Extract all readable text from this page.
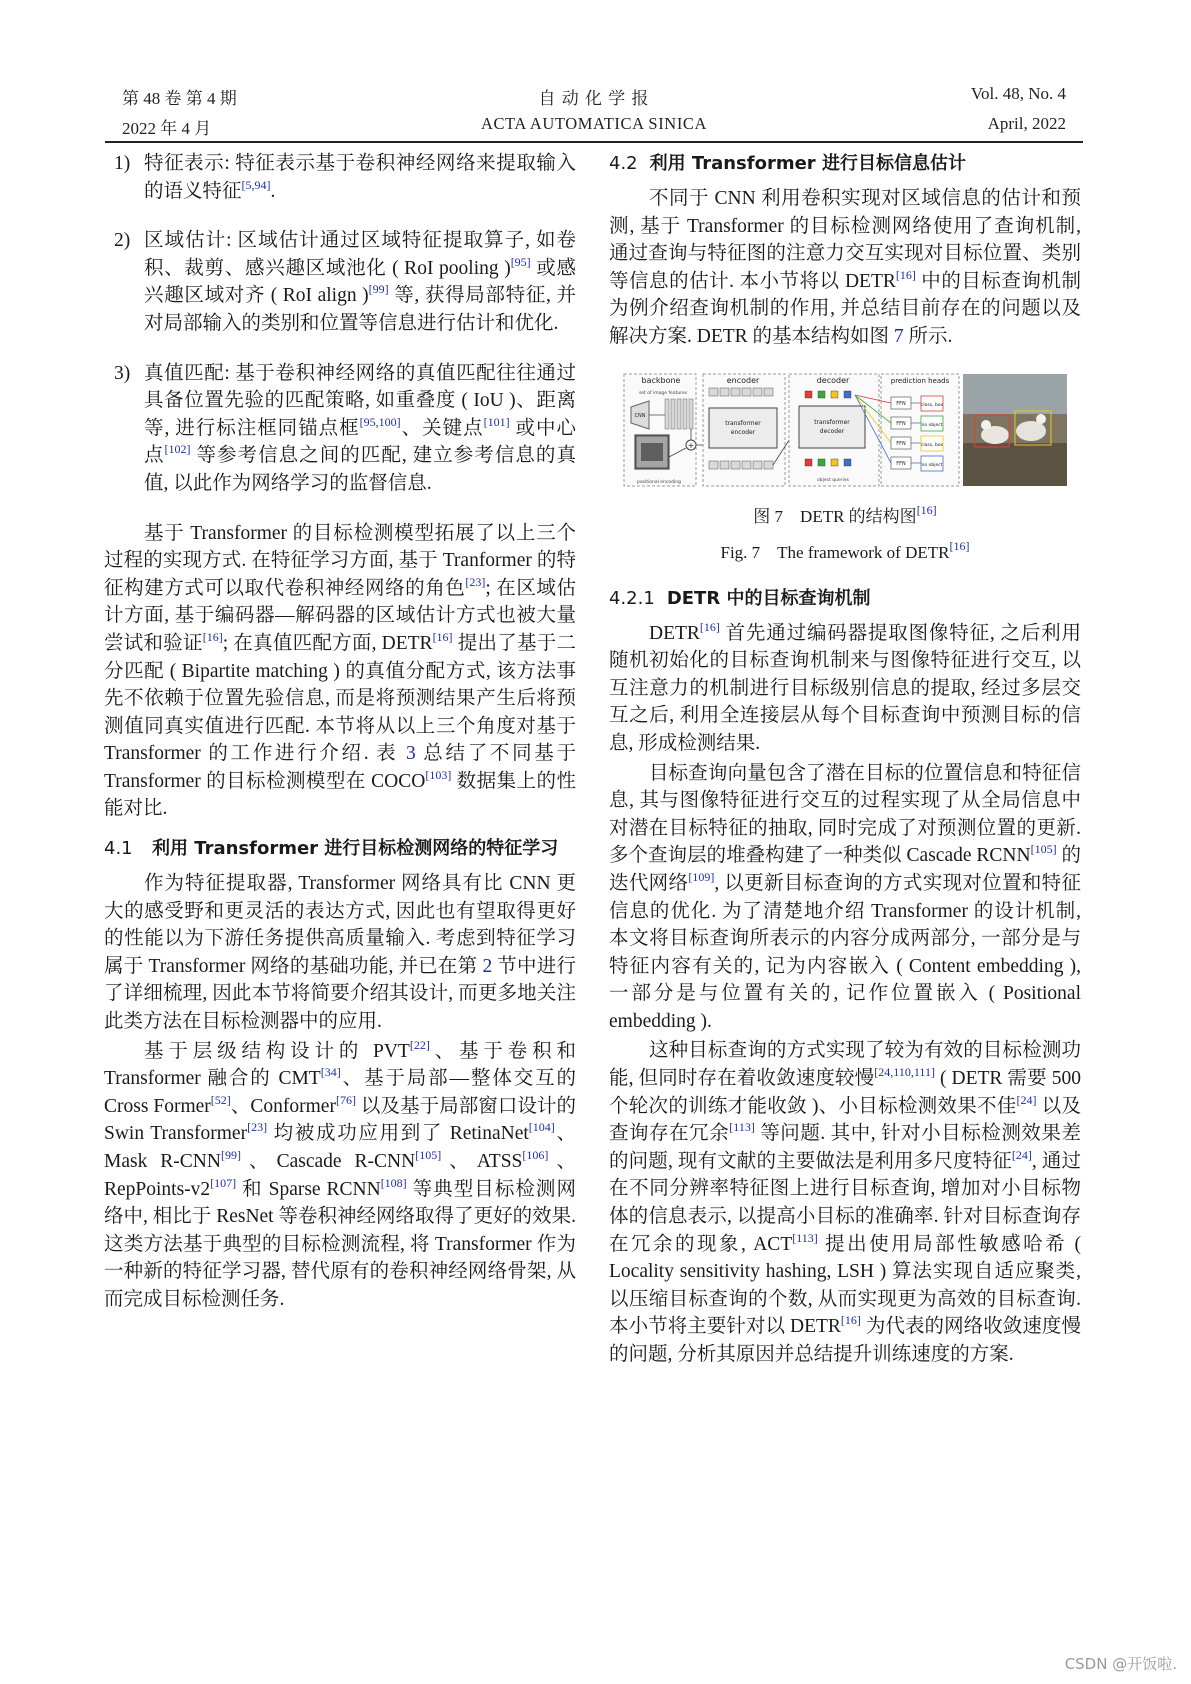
第 48 卷 第 4 期	自 动 化 学 报	Vol. 48, No. 4
2022 年 4 月	ACTA AUTOMATICA SINICA	April, 2022
1) 特征表示: 特征表示基于卷积神经网络来提取输入的语义特征[5,94].
2) 区域估计: 区域估计通过区域特征提取算子, 如卷积、裁剪、感兴趣区域池化 ( RoI pooling )[95] 或感兴趣区域对齐 ( RoI align )[99] 等, 获得局部特征, 并对局部输入的类别和位置等信息进行估计和优化.
3) 真值匹配: 基于卷积神经网络的真值匹配往往通过具备位置先验的匹配策略, 如重叠度 ( IoU )、距离等, 进行标注框同锚点框[95,100]、关键点[101] 或中心点[102] 等参考信息之间的匹配, 建立参考信息的真值, 以此作为网络学习的监督信息.

基于 Transformer 的目标检测模型拓展了以上三个过程的实现方式. 在特征学习方面, 基于 Tranformer 的特征构建方式可以取代卷积神经网络的角色[23]; 在区域估计方面, 基于编码器—解码器的区域估计方式也被大量尝试和验证[16]; 在真值匹配方面, DETR[16] 提出了基于二分匹配 ( Bipartite matching ) 的真值分配方式, 该方法事先不依赖于位置先验信息, 而是将预测结果产生后将预测值同真实值进行匹配. 本节将从以上三个角度对基于 Transformer 的工作进行介绍. 表 3 总结了不同基于 Transformer 的目标检测模型在 COCO[103] 数据集上的性能对比.

4.1 利用 Transformer 进行目标检测网络的特征学习

作为特征提取器, Transformer 网络具有比 CNN 更大的感受野和更灵活的表达方式, 因此也有望取得更好的性能以为下游任务提供高质量输入. 考虑到特征学习属于 Transformer 网络的基础功能, 并已在第 2 节中进行了详细梳理, 因此本节将简要介绍其设计, 而更多地关注此类方法在目标检测器中的应用.

基于层级结构设计的 PVT[22]、基于卷积和 Transformer 融合的 CMT[34]、基于局部—整体交互的 Cross Former[52]、Conformer[76] 以及基于局部窗口设计的 Swin Transformer[23] 均被成功应用到了 RetinaNet[104]、Mask R-CNN[99]、Cascade R-CNN[105]、ATSS[106]、RepPoints-v2[107] 和 Sparse RCNN[108] 等典型目标检测网络中, 相比于 ResNet 等卷积神经网络取得了更好的效果. 这类方法基于典型的目标检测流程, 将 Transformer 作为一种新的特征学习器, 替代原有的卷积神经网络骨架, 从而完成目标检测任务.

4.2 利用 Transformer 进行目标信息估计

不同于 CNN 利用卷积实现对区域信息的估计和预测, 基于 Transformer 的目标检测网络使用了查询机制, 通过查询与特征图的注意力交互实现对目标位置、类别等信息的估计. 本小节将以 DETR[16] 中的目标查询机制为例介绍查询机制的作用, 并总结目前存在的问题以及解决方案. DETR 的基本结构如图 7 所示.

backbone
set of image features
CNN
positional encoding
+
encoder
transformer
encoder
decoder
transformer
decoder
object queries
prediction heads
FFN
FFN
FFN
FFN
class, box
no object
class, box
no object
图 7　DETR 的结构图[16]
Fig. 7　The framework of DETR[16]
4.2.1 DETR 中的目标查询机制

DETR[16] 首先通过编码器提取图像特征, 之后利用随机初始化的目标查询机制来与图像特征进行交互, 以互注意力的机制进行目标级别信息的提取, 经过多层交互之后, 利用全连接层从每个目标查询中预测目标的信息, 形成检测结果.

目标查询向量包含了潜在目标的位置信息和特征信息, 其与图像特征进行交互的过程实现了从全局信息中对潜在目标特征的抽取, 同时完成了对预测位置的更新. 多个查询层的堆叠构建了一种类似 Cascade RCNN[105] 的迭代网络[109], 以更新目标查询的方式实现对位置和特征信息的优化. 为了清楚地介绍 Transformer 的设计机制, 本文将目标查询所表示的内容分成两部分, 一部分是与特征内容有关的, 记为内容嵌入 ( Content embedding ), 一部分是与位置有关的, 记作位置嵌入 ( Positional embedding ).

这种目标查询的方式实现了较为有效的目标检测功能, 但同时存在着收敛速度较慢[24,110,111] ( DETR 需要 500 个轮次的训练才能收敛 )、小目标检测效果不佳[24] 以及查询存在冗余[113] 等问题. 其中, 针对小目标检测效果差的问题, 现有文献的主要做法是利用多尺度特征[24], 通过在不同分辨率特征图上进行目标查询, 增加对小目标物体的信息表示, 以提高小目标的准确率. 针对目标查询存在冗余的现象, ACT[113] 提出使用局部性敏感哈希 ( Locality sensitivity hashing, LSH ) 算法实现自适应聚类, 以压缩目标查询的个数, 从而实现更为高效的目标查询. 本小节将主要针对以 DETR[16] 为代表的网络收敛速度慢的问题, 分析其原因并总结提升训练速度的方案.

CSDN @开饭啦.
